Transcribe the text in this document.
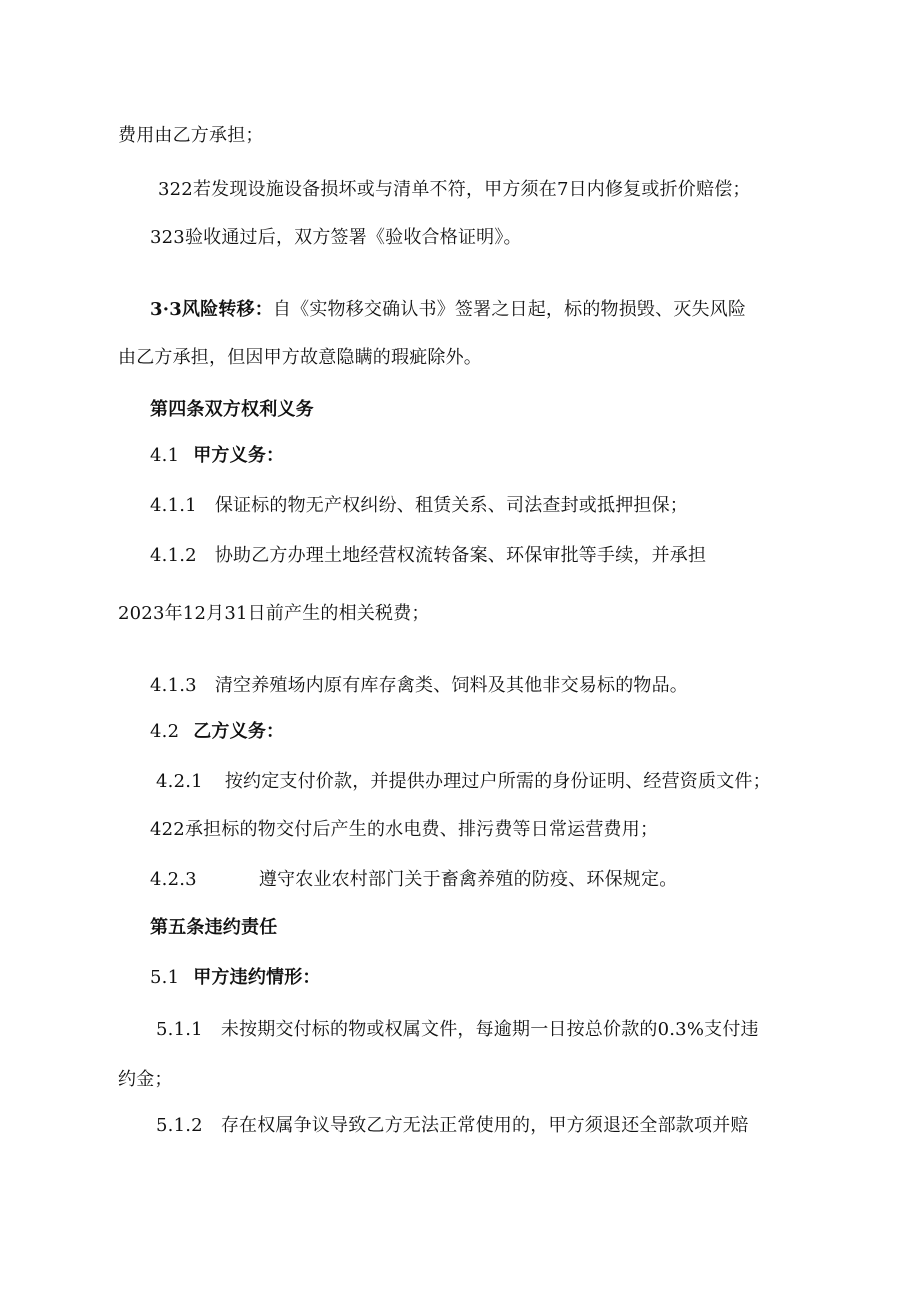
费用由乙方承担；
322若发现设施设备损坏或与清单不符，甲方须在7日内修复或折价赔偿；
323验收通过后，双方签署《验收合格证明》。
3·3风险转移：自《实物移交确认书》签署之日起，标的物损毁、灭失风险
由乙方承担，但因甲方故意隐瞒的瑕疵除外。
第四条双方权利义务
4.1 甲方义务：
4.1.1 保证标的物无产权纠纷、租赁关系、司法查封或抵押担保；
4.1.2 协助乙方办理土地经营权流转备案、环保审批等手续，并承担
2023年12月31日前产生的相关税费；
4.1.3 清空养殖场内原有库存禽类、饲料及其他非交易标的物品。
4.2 乙方义务：
4.2.1 按约定支付价款，并提供办理过户所需的身份证明、经营资质文件；
422承担标的物交付后产生的水电费、排污费等日常运营费用；
4.2.3	遵守农业农村部门关于畜禽养殖的防疫、环保规定。
第五条违约责任
5.1 甲方违约情形：
5.1.1 未按期交付标的物或权属文件，每逾期一日按总价款的0.3%支付违
约金；
5.1.2 存在权属争议导致乙方无法正常使用的，甲方须退还全部款项并赔
